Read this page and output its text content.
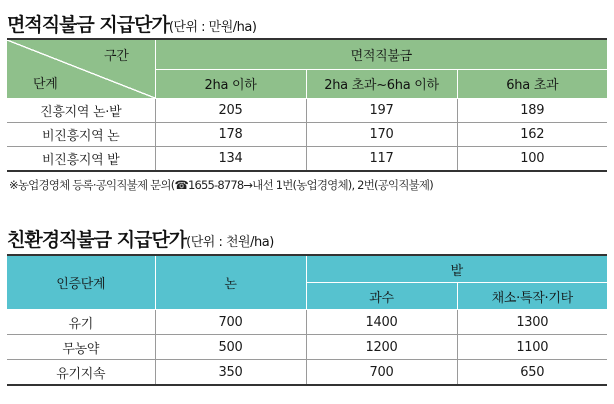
면적직불금 지급단가(단위 : 만원/ha)
구간
단계	면적직불금		
	2ha 이하	2ha 초과~6ha 이하	6ha 초과
진흥지역 논·밭	205	197	189
비진흥지역 논	178	170	162
비진흥지역 밭	134	117	100
※농업경영체 등록·공익직불제 문의(☎1655-8778→내선 1번(농업경영체), 2번(공익직불제)
친환경직불금 지급단가(단위 : 천원/ha)
인증단계	논	밭	
		과수	채소·특작·기타
유기	700	1400	1300
무농약	500	1200	1100
유기지속	350	700	650
